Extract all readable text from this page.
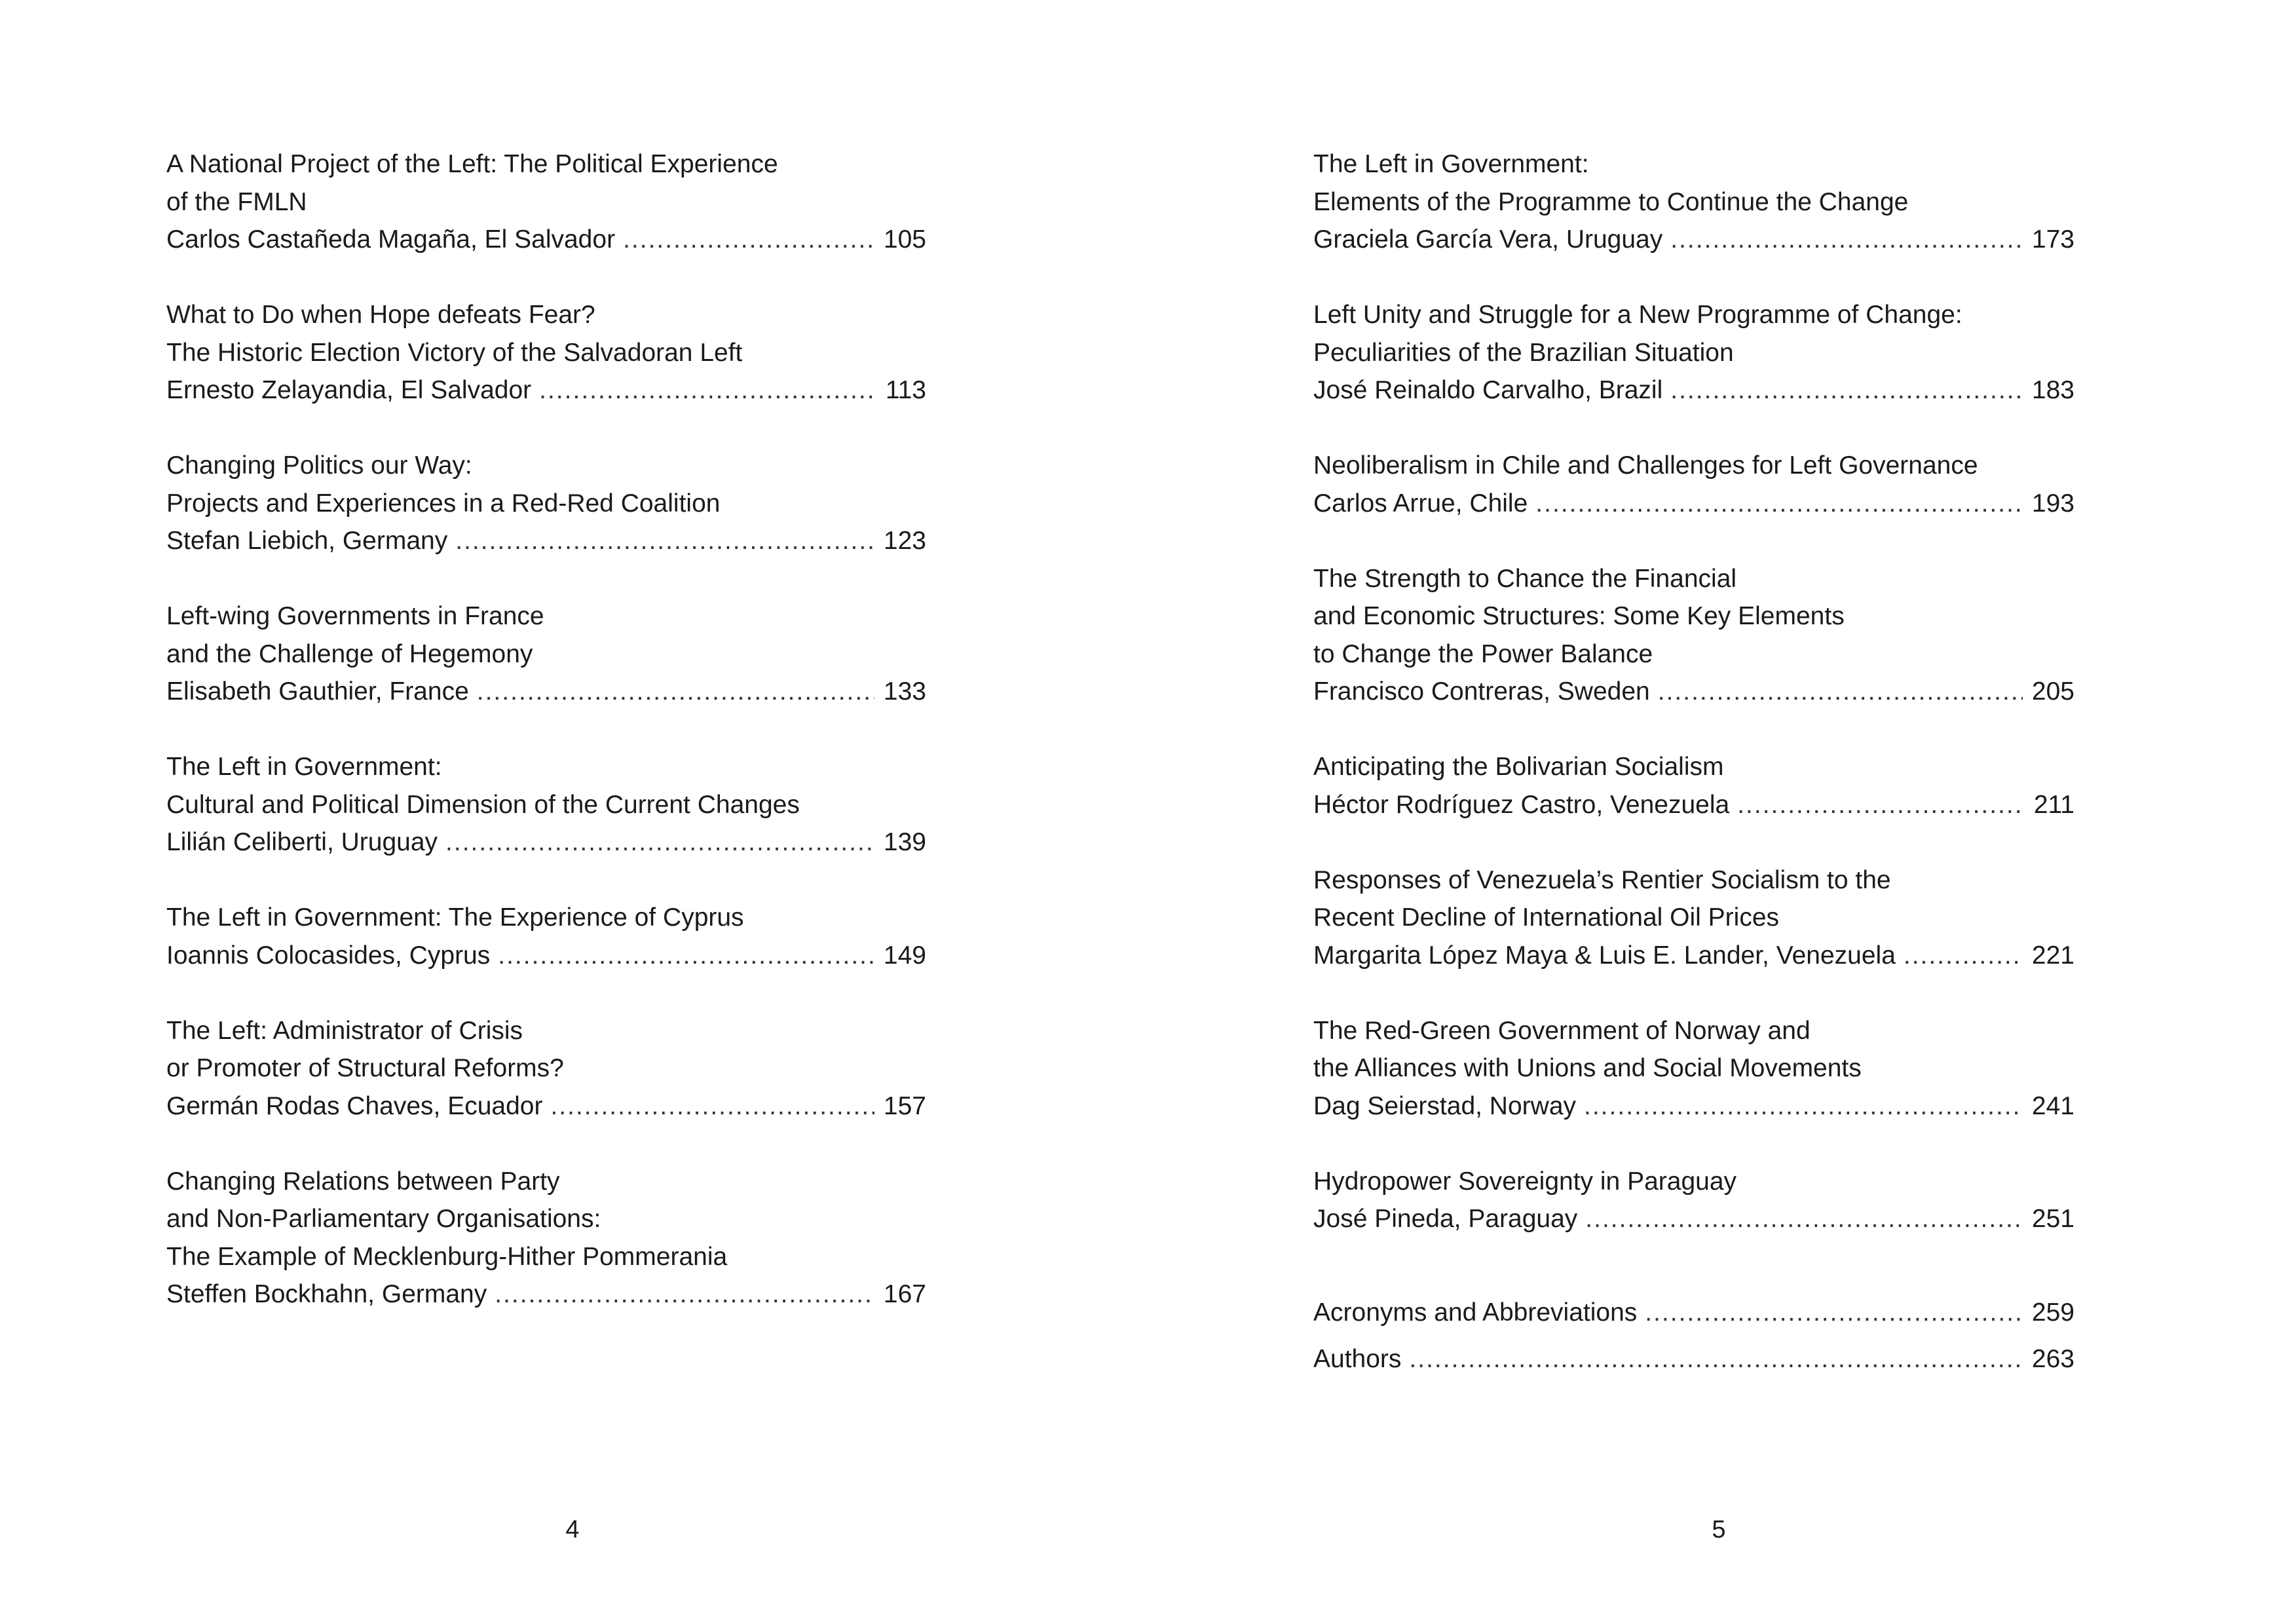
A National Project of the Left: The Political Experience
of the FMLN
Carlos Castañeda Magaña, El Salvador .....	105
What to Do when Hope defeats Fear?
The Historic Election Victory of the Salvadoran Left
Ernesto Zelayandia, El Salvador .....	113
Changing Politics our Way:
Projects and Experiences in a Red-Red Coalition
Stefan Liebich, Germany .....	123
Left-wing Governments in France
and the Challenge of Hegemony
Elisabeth Gauthier, France .....	133
The Left in Government:
Cultural and Political Dimension of the Current Changes
Lilián Celiberti, Uruguay .....	139
The Left in Government: The Experience of Cyprus
Ioannis Colocasides, Cyprus .....	149
The Left: Administrator of Crisis
or Promoter of Structural Reforms?
Germán Rodas Chaves, Ecuador .....	157
Changing Relations between Party
and Non-Parliamentary Organisations:
The Example of Mecklenburg-Hither Pommerania
Steffen Bockhahn, Germany .....	167
4
The Left in Government:
Elements of the Programme to Continue the Change
Graciela García Vera, Uruguay .....	173
Left Unity and Struggle for a New Programme of Change:
Peculiarities of the Brazilian Situation
José Reinaldo Carvalho, Brazil .....	183
Neoliberalism in Chile and Challenges for Left Governance
Carlos Arrue, Chile .....	193
The Strength to Chance the Financial
and Economic Structures: Some Key Elements
to Change the Power Balance
Francisco Contreras, Sweden .....	205
Anticipating the Bolivarian Socialism
Héctor Rodríguez Castro, Venezuela .....	211
Responses of Venezuela’s Rentier Socialism to the
Recent Decline of International Oil Prices
Margarita López Maya & Luis E. Lander, Venezuela .....	221
The Red-Green Government of Norway and
the Alliances with Unions and Social Movements
Dag Seierstad, Norway .....	241
Hydropower Sovereignty in Paraguay
José Pineda, Paraguay .....	251
Acronyms and Abbreviations .....	259
Authors .....	263
5
